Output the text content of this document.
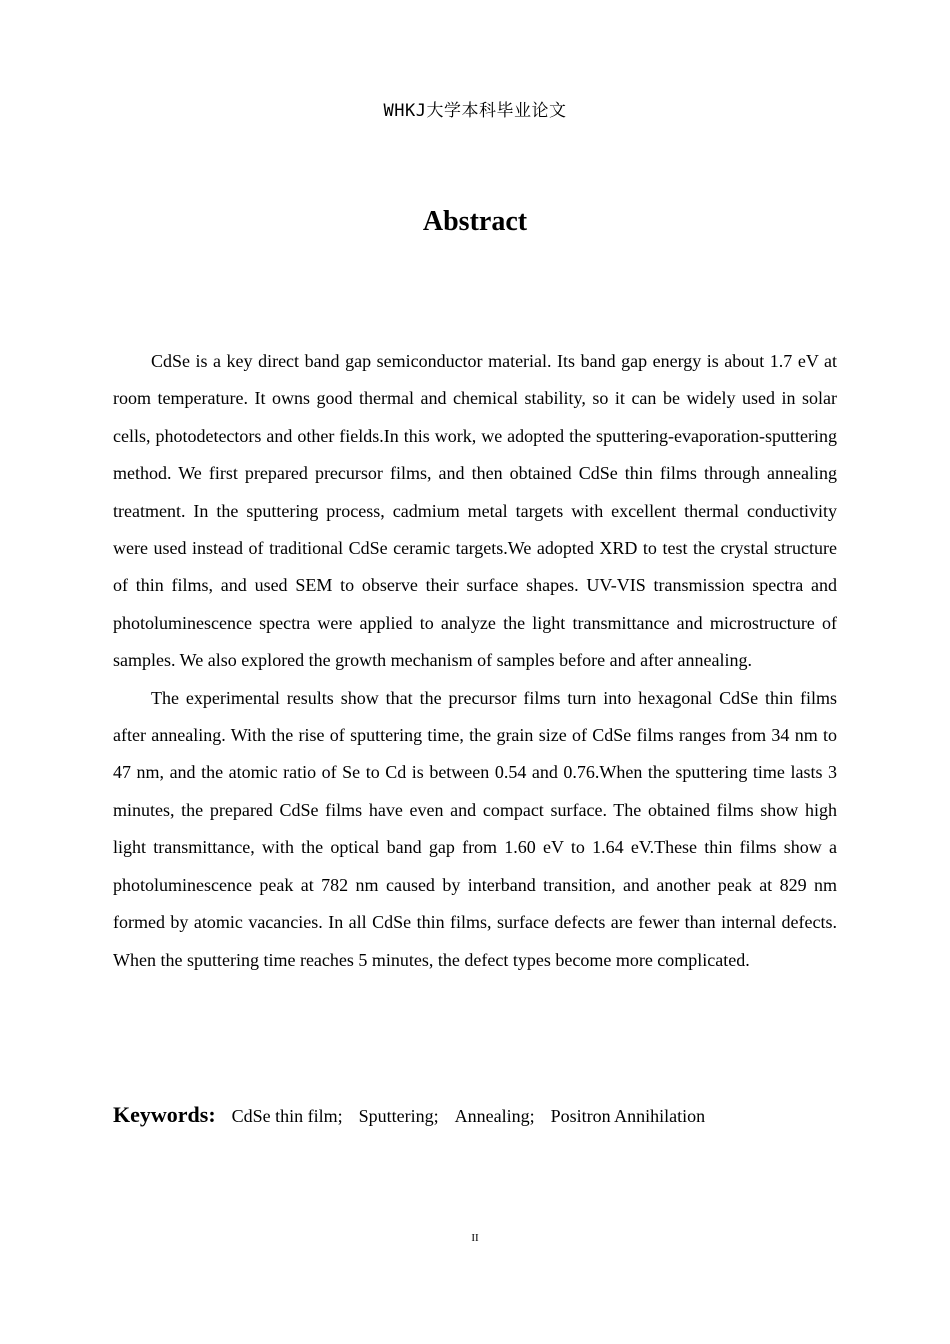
WHKJ大学本科毕业论文
Abstract

CdSe is a key direct band gap semiconductor material. Its band gap energy is about 1.7 eV at room temperature. It owns good thermal and chemical stability, so it can be widely used in solar cells, photodetectors and other fields.In this work, we adopted the sputtering-evaporation-sputtering method. We first prepared precursor films, and then obtained CdSe thin films through annealing treatment. In the sputtering process, cadmium metal targets with excellent thermal conductivity were used instead of traditional CdSe ceramic targets.We adopted XRD to test the crystal structure of thin films, and used SEM to observe their surface shapes. UV-VIS transmission spectra and photoluminescence spectra were applied to analyze the light transmittance and microstructure of samples. We also explored the growth mechanism of samples before and after annealing.

The experimental results show that the precursor films turn into hexagonal CdSe thin films after annealing. With the rise of sputtering time, the grain size of CdSe films ranges from 34 nm to 47 nm, and the atomic ratio of Se to Cd is between 0.54 and 0.76.When the sputtering time lasts 3 minutes, the prepared CdSe films have even and compact surface. The obtained films show high light transmittance, with the optical band gap from 1.60 eV to 1.64 eV.These thin films show a photoluminescence peak at 782 nm caused by interband transition, and another peak at 829 nm formed by atomic vacancies. In all CdSe thin films, surface defects are fewer than internal defects. When the sputtering time reaches 5 minutes, the defect types become more complicated.

Keywords: CdSe thin film; Sputtering; Annealing; Positron Annihilation
II
